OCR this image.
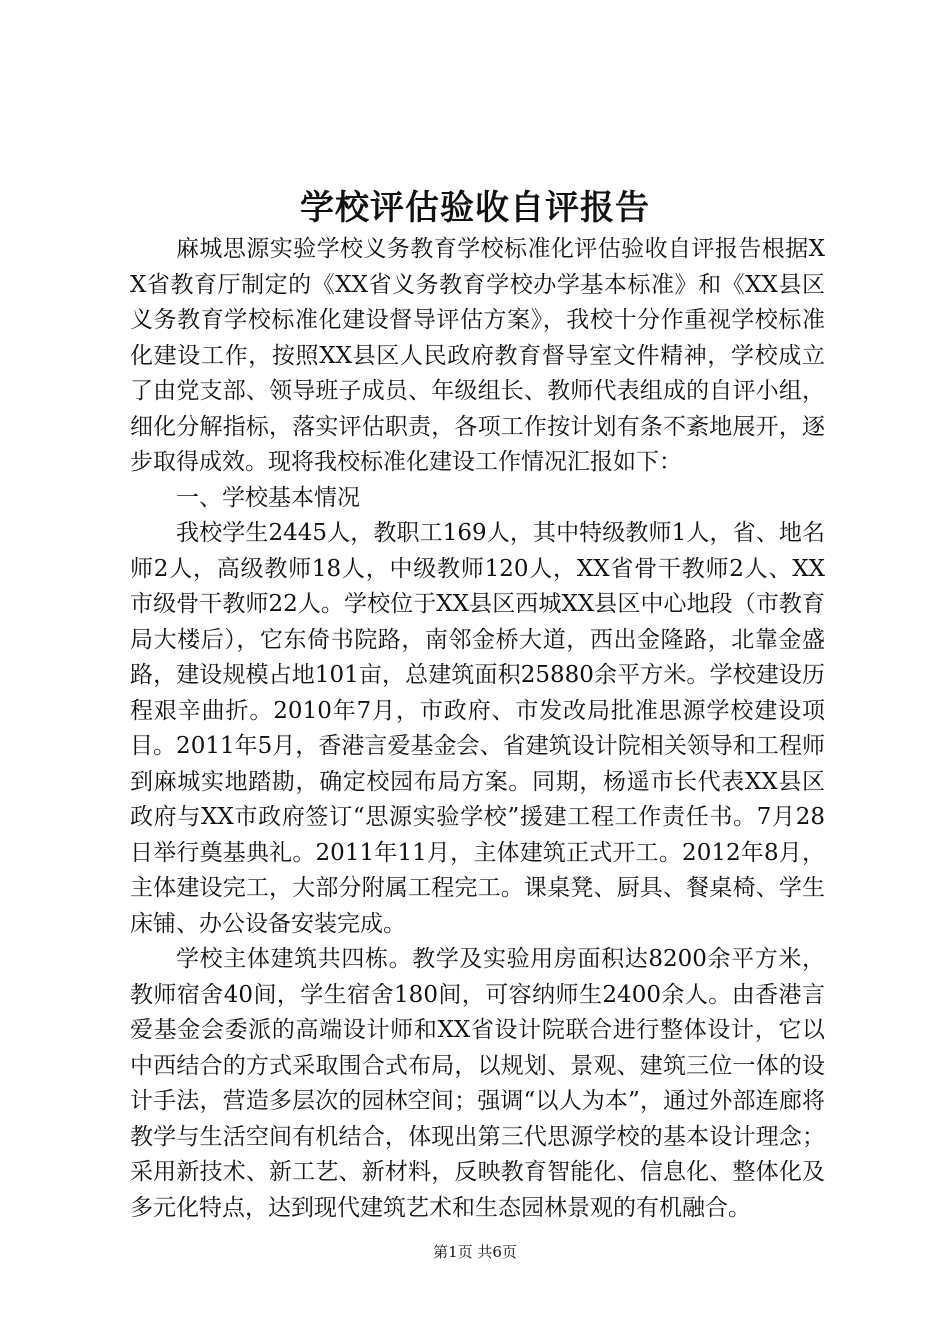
学校评估验收自评报告

麻城思源实验学校义务教育学校标准化评估验收自评报告根据XX省教育厅制定的《XX省义务教育学校办学基本标准》和《XX县区义务教育学校标准化建设督导评估方案》，我校十分作重视学校标准化建设工作，按照XX县区人民政府教育督导室文件精神，学校成立了由党支部、领导班子成员、年级组长、教师代表组成的自评小组，细化分解指标，落实评估职责，各项工作按计划有条不紊地展开，逐步取得成效。现将我校标准化建设工作情况汇报如下：

一、学校基本情况

我校学生2445人，教职工169人，其中特级教师1人，省、地名师2人，高级教师18人，中级教师120人，XX省骨干教师2人、XX市级骨干教师22人。学校位于XX县区西城XX县区中心地段（市教育局大楼后），它东倚书院路，南邻金桥大道，西出金隆路，北靠金盛路，建设规模占地101亩，总建筑面积25880余平方米。学校建设历程艰辛曲折。2010年7月，市政府、市发改局批准思源学校建设项目。2011年5月，香港言爱基金会、省建筑设计院相关领导和工程师到麻城实地踏勘，确定校园布局方案。同期，杨遥市长代表XX县区政府与XX市政府签订“思源实验学校”援建工程工作责任书。7月28日举行奠基典礼。2011年11月，主体建筑正式开工。2012年8月，主体建设完工，大部分附属工程完工。课桌凳、厨具、餐桌椅、学生床铺、办公设备安装完成。

学校主体建筑共四栋。教学及实验用房面积达8200余平方米，教师宿舍40间，学生宿舍180间，可容纳师生2400余人。由香港言爱基金会委派的高端设计师和XX省设计院联合进行整体设计，它以中西结合的方式采取围合式布局，以规划、景观、建筑三位一体的设计手法，营造多层次的园林空间；强调“以人为本”，通过外部连廊将教学与生活空间有机结合，体现出第三代思源学校的基本设计理念；采用新技术、新工艺、新材料，反映教育智能化、信息化、整体化及多元化特点，达到现代建筑艺术和生态园林景观的有机融合。

第1页 共6页
